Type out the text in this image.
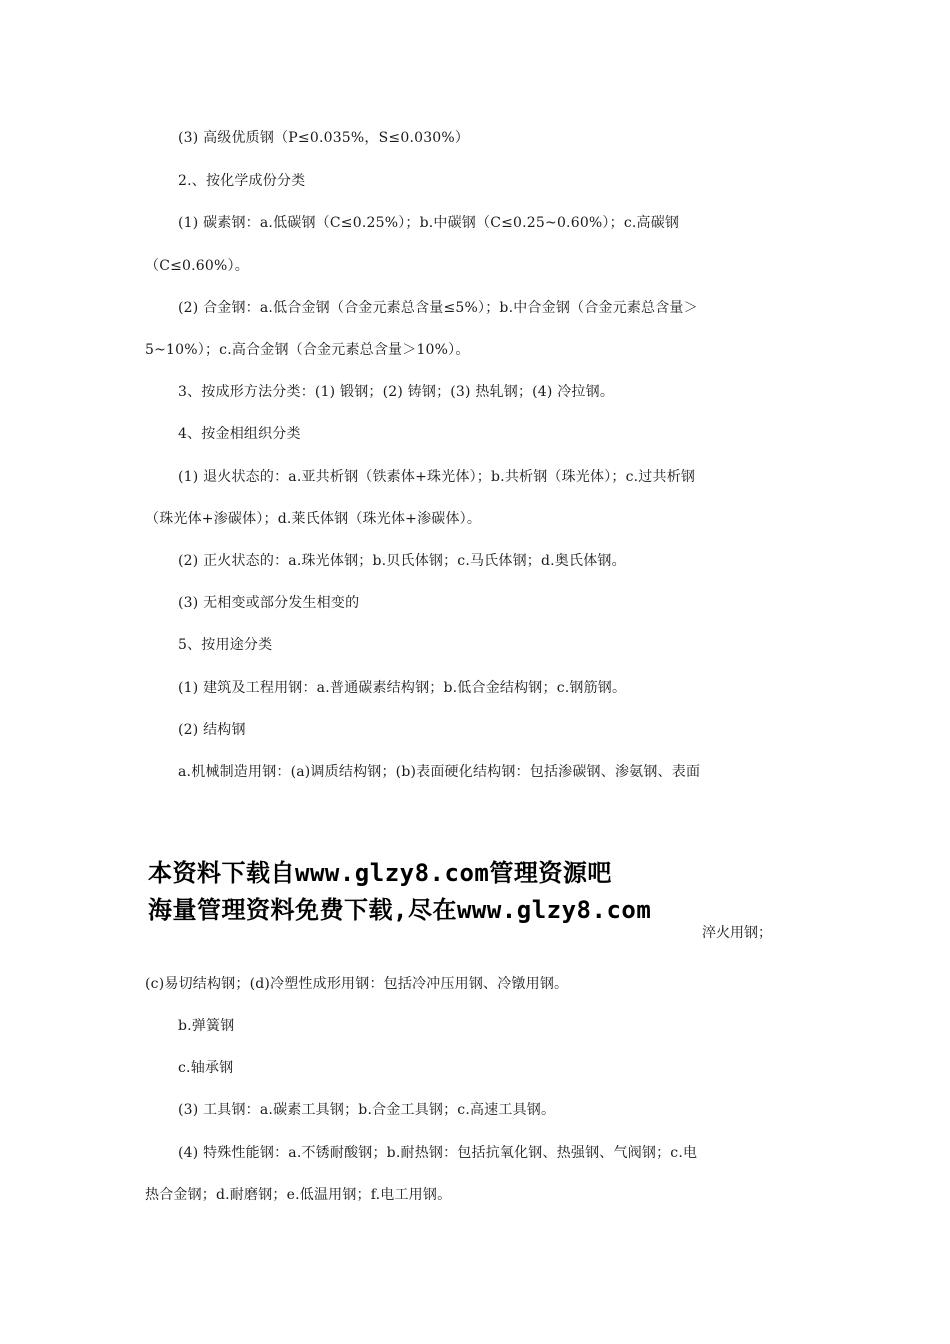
(3) 高级优质钢（P≤0.035%，S≤0.030%）
2.、按化学成份分类
(1) 碳素钢：a.低碳钢（C≤0.25%）；b.中碳钢（C≤0.25~0.60%）；c.高碳钢
（C≤0.60%）。
(2) 合金钢：a.低合金钢（合金元素总含量≤5%）；b.中合金钢（合金元素总含量＞
5~10%）；c.高合金钢（合金元素总含量＞10%）。
3、按成形方法分类：(1) 锻钢；(2) 铸钢；(3) 热轧钢；(4) 冷拉钢。
4、按金相组织分类
(1) 退火状态的：a.亚共析钢（铁素体+珠光体）；b.共析钢（珠光体）；c.过共析钢
（珠光体+渗碳体）；d.莱氏体钢（珠光体+渗碳体）。
(2) 正火状态的：a.珠光体钢；b.贝氏体钢；c.马氏体钢；d.奥氏体钢。
(3) 无相变或部分发生相变的
5、按用途分类
(1) 建筑及工程用钢：a.普通碳素结构钢；b.低合金结构钢；c.钢筋钢。
(2) 结构钢
a.机械制造用钢：(a)调质结构钢；(b)表面硬化结构钢：包括渗碳钢、渗氨钢、表面
本资料下载自www.glzy8.com管理资源吧
海量管理资料免费下载,尽在www.glzy8.com
淬火用钢；
(c)易切结构钢；(d)冷塑性成形用钢：包括冷冲压用钢、冷镦用钢。
b.弹簧钢
c.轴承钢
(3) 工具钢：a.碳素工具钢；b.合金工具钢；c.高速工具钢。
(4) 特殊性能钢：a.不锈耐酸钢；b.耐热钢：包括抗氧化钢、热强钢、气阀钢；c.电
热合金钢；d.耐磨钢；e.低温用钢；f.电工用钢。
